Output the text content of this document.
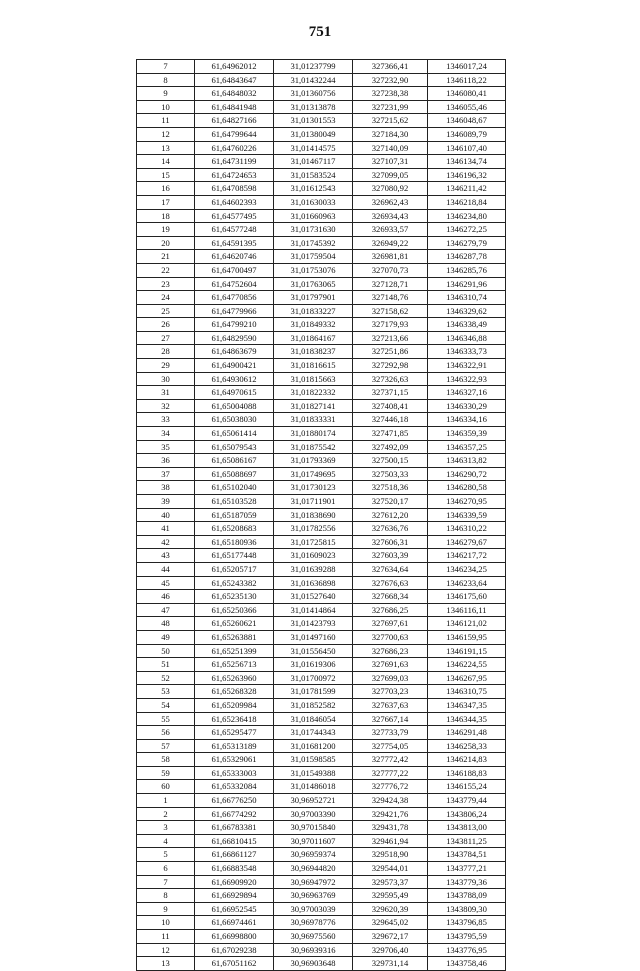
751
7	61,64962012	31,01237799	327366,41	1346017,24
8	61,64843647	31,01432244	327232,90	1346118,22
9	61,64848032	31,01360756	327238,38	1346080,41
10	61,64841948	31,01313878	327231,99	1346055,46
11	61,64827166	31,01301553	327215,62	1346048,67
12	61,64799644	31,01380049	327184,30	1346089,79
13	61,64760226	31,01414575	327140,09	1346107,40
14	61,64731199	31,01467117	327107,31	1346134,74
15	61,64724653	31,01583524	327099,05	1346196,32
16	61,64708598	31,01612543	327080,92	1346211,42
17	61,64602393	31,01630033	326962,43	1346218,84
18	61,64577495	31,01660963	326934,43	1346234,80
19	61,64577248	31,01731630	326933,57	1346272,25
20	61,64591395	31,01745392	326949,22	1346279,79
21	61,64620746	31,01759504	326981,81	1346287,78
22	61,64700497	31,01753076	327070,73	1346285,76
23	61,64752604	31,01763065	327128,71	1346291,96
24	61,64770856	31,01797901	327148,76	1346310,74
25	61,64779966	31,01833227	327158,62	1346329,62
26	61,64799210	31,01849332	327179,93	1346338,49
27	61,64829590	31,01864167	327213,66	1346346,88
28	61,64863679	31,01838237	327251,86	1346333,73
29	61,64900421	31,01816615	327292,98	1346322,91
30	61,64930612	31,01815663	327326,63	1346322,93
31	61,64970615	31,01822332	327371,15	1346327,16
32	61,65004088	31,01827141	327408,41	1346330,29
33	61,65038030	31,01833331	327446,18	1346334,16
34	61,65061414	31,01880174	327471,85	1346359,39
35	61,65079543	31,01875542	327492,09	1346357,25
36	61,65086167	31,01793369	327500,15	1346313,82
37	61,65088697	31,01749695	327503,33	1346290,72
38	61,65102040	31,01730123	327518,36	1346280,58
39	61,65103528	31,01711901	327520,17	1346270,95
40	61,65187059	31,01838690	327612,20	1346339,59
41	61,65208683	31,01782556	327636,76	1346310,22
42	61,65180936	31,01725815	327606,31	1346279,67
43	61,65177448	31,01609023	327603,39	1346217,72
44	61,65205717	31,01639288	327634,64	1346234,25
45	61,65243382	31,01636898	327676,63	1346233,64
46	61,65235130	31,01527640	327668,34	1346175,60
47	61,65250366	31,01414864	327686,25	1346116,11
48	61,65260621	31,01423793	327697,61	1346121,02
49	61,65263881	31,01497160	327700,63	1346159,95
50	61,65251399	31,01556450	327686,23	1346191,15
51	61,65256713	31,01619306	327691,63	1346224,55
52	61,65263960	31,01700972	327699,03	1346267,95
53	61,65268328	31,01781599	327703,23	1346310,75
54	61,65209984	31,01852582	327637,63	1346347,35
55	61,65236418	31,01846054	327667,14	1346344,35
56	61,65295477	31,01744343	327733,79	1346291,48
57	61,65313189	31,01681200	327754,05	1346258,33
58	61,65329061	31,01598585	327772,42	1346214,83
59	61,65333003	31,01549388	327777,22	1346188,83
60	61,65332084	31,01486018	327776,72	1346155,24
1	61,66776250	30,96952721	329424,38	1343779,44
2	61,66774292	30,97003390	329421,76	1343806,24
3	61,66783381	30,97015840	329431,78	1343813,00
4	61,66810415	30,97011607	329461,94	1343811,25
5	61,66861127	30,96959374	329518,90	1343784,51
6	61,66883548	30,96944820	329544,01	1343777,21
7	61,66909920	30,96947972	329573,37	1343779,36
8	61,66929894	30,96963769	329595,49	1343788,09
9	61,66952545	30,97003039	329620,39	1343809,30
10	61,66974461	30,96978776	329645,02	1343796,85
11	61,66998800	30,96975560	329672,17	1343795,59
12	61,67029238	30,96939316	329706,40	1343776,95
13	61,67051162	30,96903648	329731,14	1343758,46
